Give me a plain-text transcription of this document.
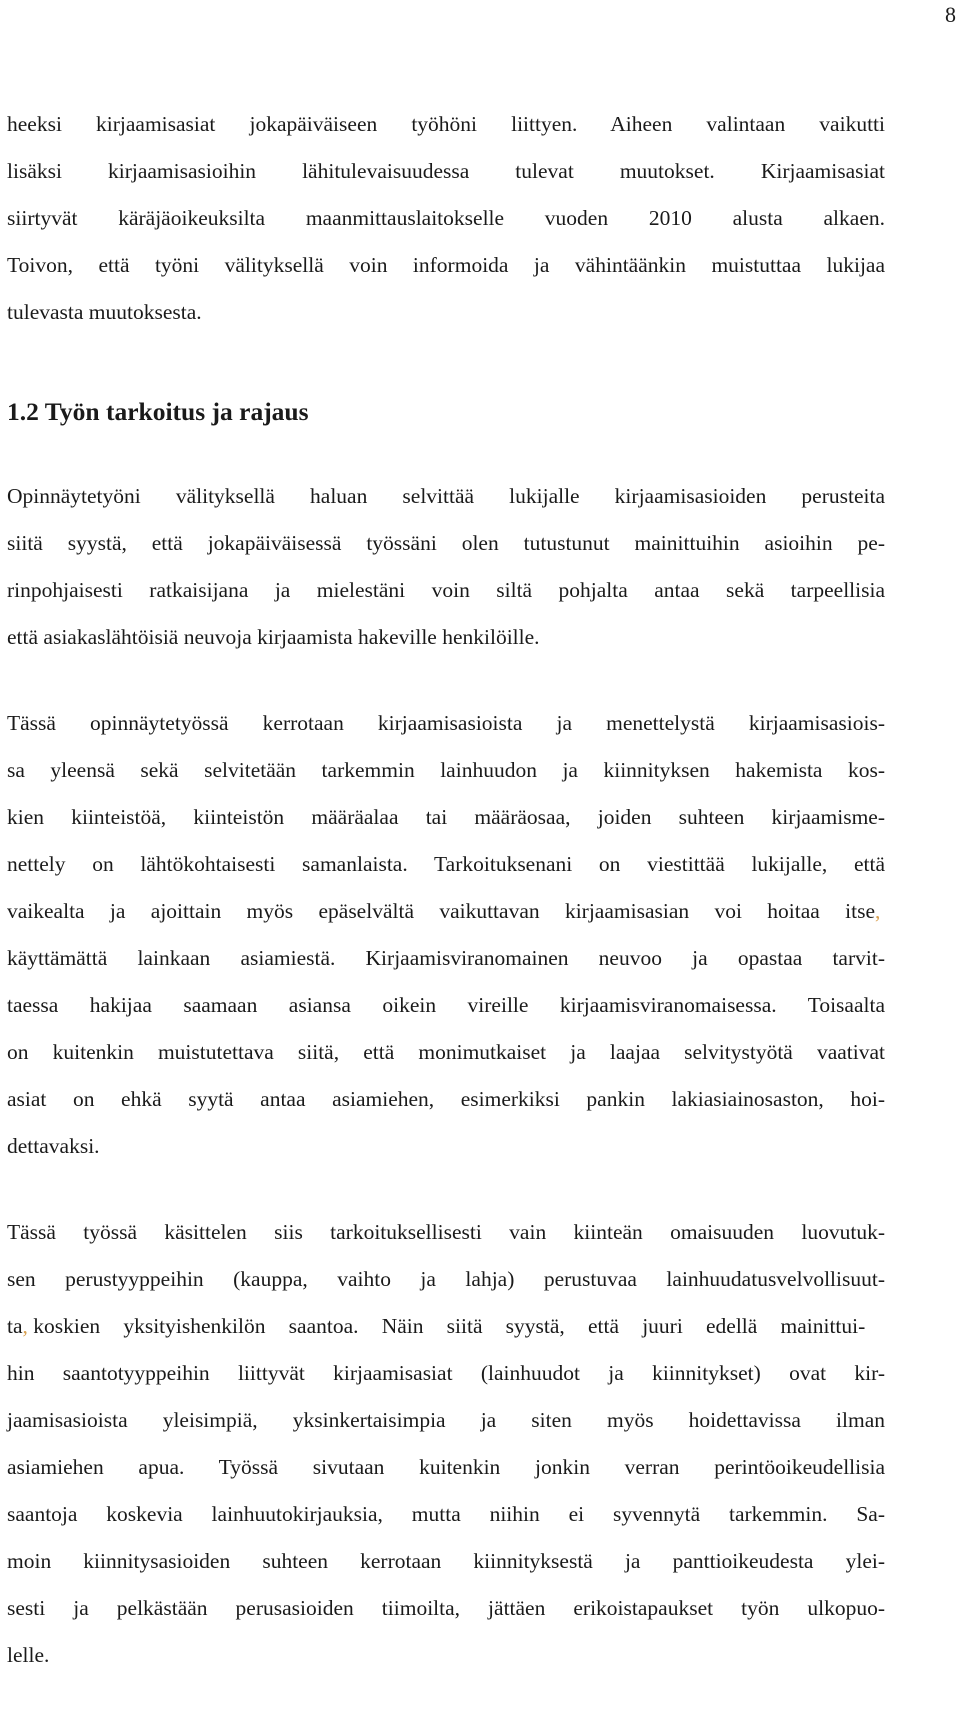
8
heeksi kirjaamisasiat jokapäiväiseen työhöni liittyen. Aiheen valintaan vaikutti
lisäksi kirjaamisasioihin lähitulevaisuudessa tulevat muutokset. Kirjaamisasiat
siirtyvät käräjäoikeuksilta maanmittauslaitokselle vuoden 2010 alusta alkaen.
Toivon, että työni välityksellä voin informoida ja vähintäänkin muistuttaa lukijaa
tulevasta muutoksesta.
1.2 Työn tarkoitus ja rajaus
Opinnäytetyöni välityksellä haluan selvittää lukijalle kirjaamisasioiden perusteita
siitä syystä, että jokapäiväisessä työssäni olen tutustunut mainittuihin asioihin pe-
rinpohjaisesti ratkaisijana ja mielestäni voin siltä pohjalta antaa sekä tarpeellisia
että asiakaslähtöisiä neuvoja kirjaamista hakeville henkilöille.
Tässä opinnäytetyössä kerrotaan kirjaamisasioista ja menettelystä kirjaamisasiois-
sa yleensä sekä selvitetään tarkemmin lainhuudon ja kiinnityksen hakemista kos-
kien kiinteistöä, kiinteistön määräalaa tai määräosaa, joiden suhteen kirjaamisme-
nettely on lähtökohtaisesti samanlaista. Tarkoituksenani on viestittää lukijalle, että
vaikealta ja ajoittain myös epäselvältä vaikuttavan kirjaamisasian voi hoitaa itse,
käyttämättä lainkaan asiamiestä. Kirjaamisviranomainen neuvoo ja opastaa tarvit-
taessa hakijaa saamaan asiansa oikein vireille kirjaamisviranomaisessa. Toisaalta
on kuitenkin muistutettava siitä, että monimutkaiset ja laajaa selvitystyötä vaativat
asiat on ehkä syytä antaa asiamiehen, esimerkiksi pankin lakiasiainosaston, hoi-
dettavaksi.
Tässä työssä käsittelen siis tarkoituksellisesti vain kiinteän omaisuuden luovutuk-
sen perustyyppeihin (kauppa, vaihto ja lahja) perustuvaa lainhuudatusvelvollisuut-
ta, koskien yksityishenkilön saantoa. Näin siitä syystä, että juuri edellä mainittui-
hin saantotyyppeihin liittyvät kirjaamisasiat (lainhuudot ja kiinnitykset) ovat kir-
jaamisasioista yleisimpiä, yksinkertaisimpia ja siten myös hoidettavissa ilman
asiamiehen apua. Työssä sivutaan kuitenkin jonkin verran perintöoikeudellisia
saantoja koskevia lainhuutokirjauksia, mutta niihin ei syvennytä tarkemmin. Sa-
moin kiinnitysasioiden suhteen kerrotaan kiinnityksestä ja panttioikeudesta ylei-
sesti ja pelkästään perusasioiden tiimoilta, jättäen erikoistapaukset työn ulkopuo-
lelle.
